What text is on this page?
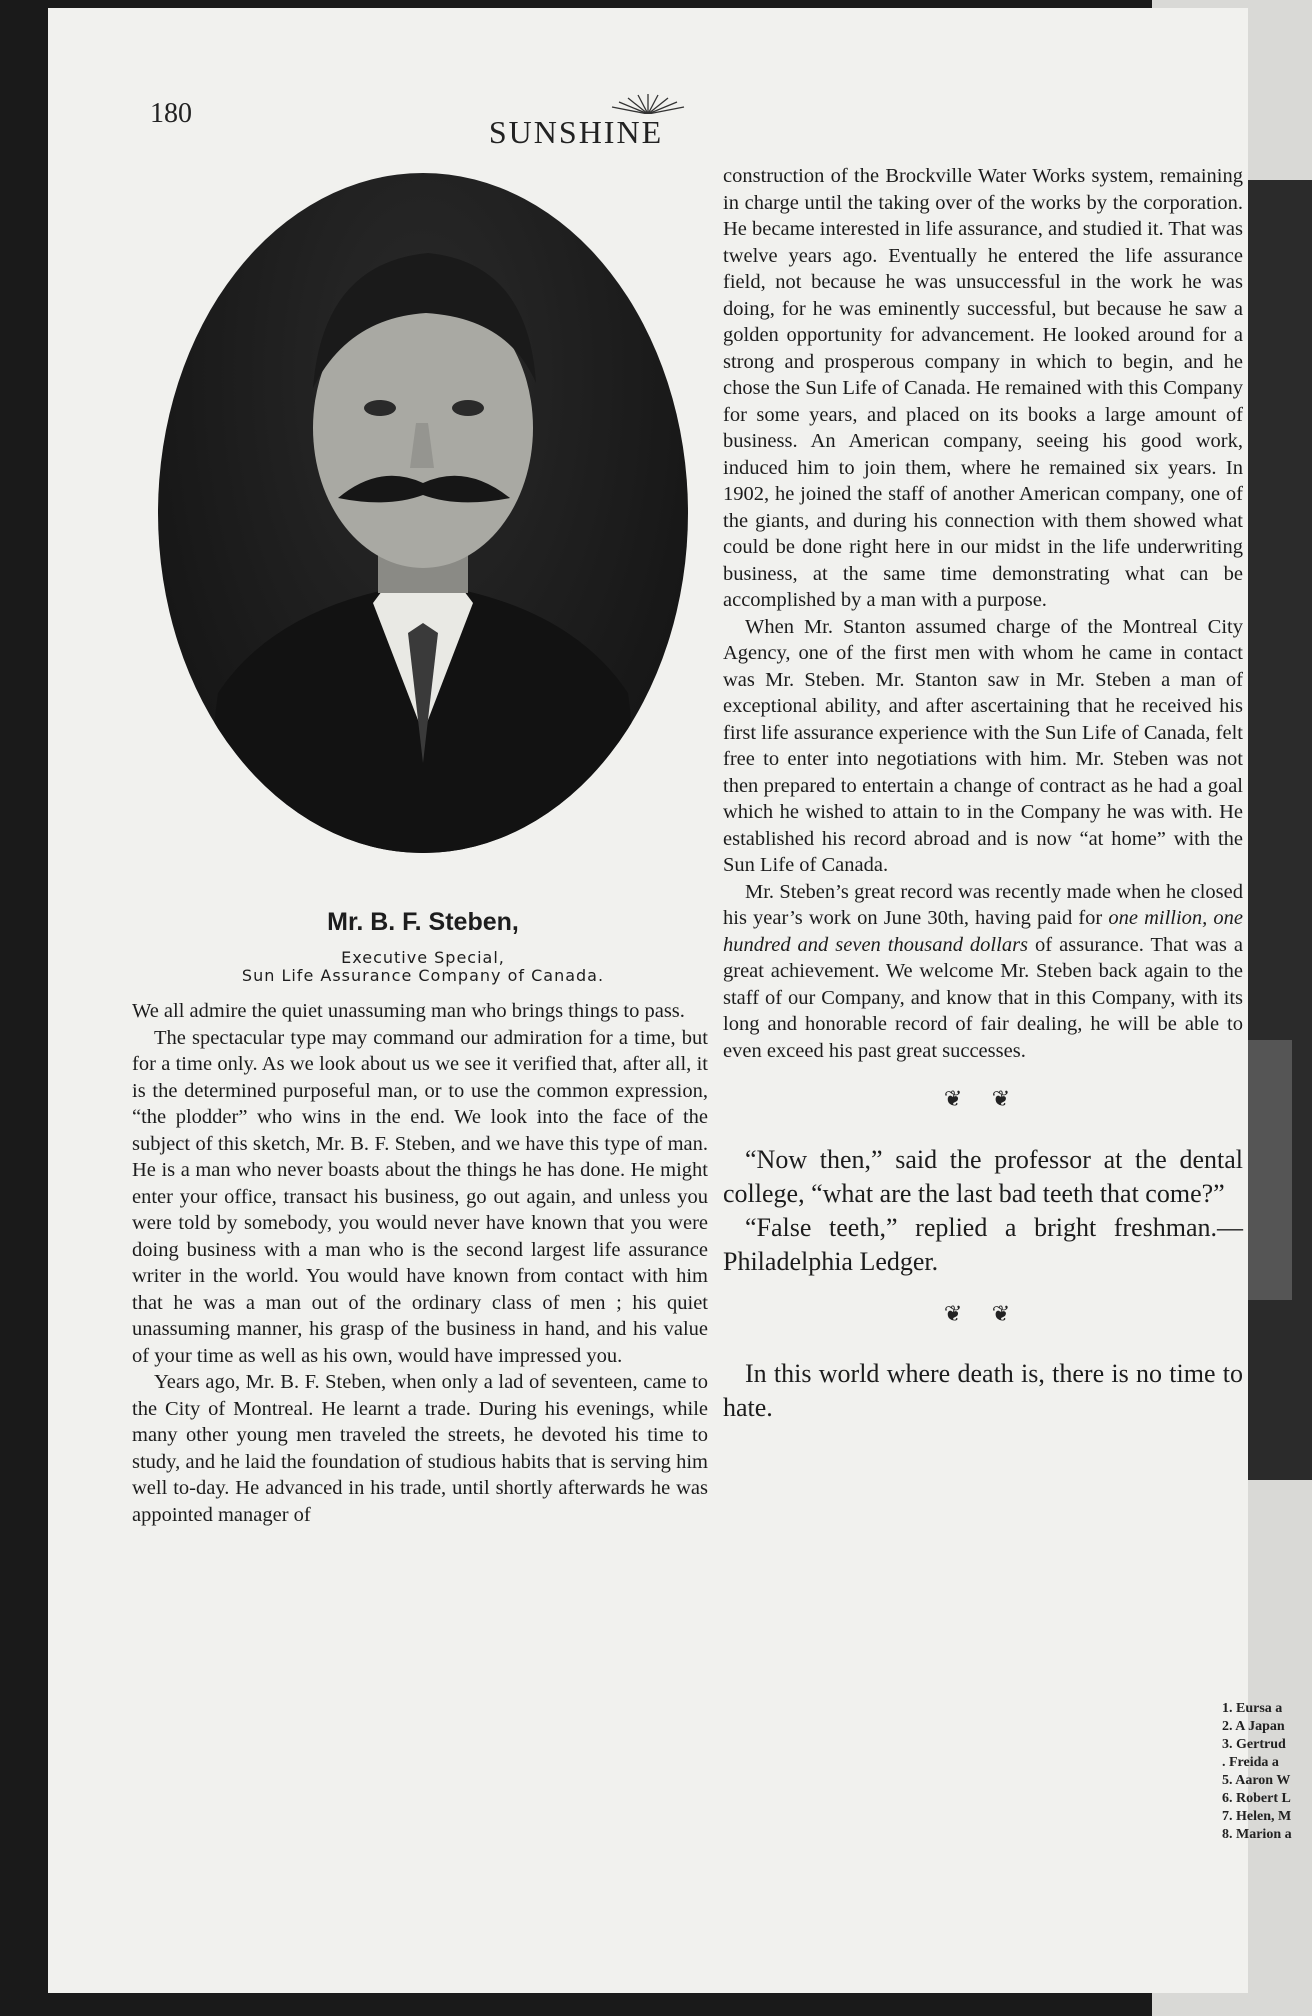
180
SUNSHINE
Mr. B. F. Steben,
Executive Special,
Sun Life Assurance Company of Canada.

We all admire the quiet unassuming man who brings things to pass.

The spectacular type may command our admiration for a time, but for a time only. As we look about us we see it verified that, after all, it is the determined purposeful man, or to use the common expression, “the plodder” who wins in the end. We look into the face of the subject of this sketch, Mr. B. F. Steben, and we have this type of man. He is a man who never boasts about the things he has done. He might enter your office, transact his business, go out again, and unless you were told by somebody, you would never have known that you were doing business with a man who is the second largest life assurance writer in the world. You would have known from contact with him that he was a man out of the ordinary class of men ; his quiet unassuming manner, his grasp of the business in hand, and his value of your time as well as his own, would have impressed you.

Years ago, Mr. B. F. Steben, when only a lad of seventeen, came to the City of Montreal. He learnt a trade. During his evenings, while many other young men traveled the streets, he devoted his time to study, and he laid the foundation of studious habits that is serving him well to-day. He advanced in his trade, until shortly afterwards he was appointed manager of

construction of the Brockville Water Works system, remaining in charge until the taking over of the works by the corporation. He became interested in life assurance, and studied it. That was twelve years ago. Eventually he entered the life assurance field, not because he was unsuccessful in the work he was doing, for he was eminently successful, but because he saw a golden opportunity for advancement. He looked around for a strong and prosperous company in which to begin, and he chose the Sun Life of Canada. He remained with this Company for some years, and placed on its books a large amount of business. An American company, seeing his good work, induced him to join them, where he remained six years. In 1902, he joined the staff of another American company, one of the giants, and during his connection with them showed what could be done right here in our midst in the life underwriting business, at the same time demonstrating what can be accomplished by a man with a purpose.

When Mr. Stanton assumed charge of the Montreal City Agency, one of the first men with whom he came in contact was Mr. Steben. Mr. Stanton saw in Mr. Steben a man of exceptional ability, and after ascertaining that he received his first life assurance experience with the Sun Life of Canada, felt free to enter into negotiations with him. Mr. Steben was not then prepared to entertain a change of contract as he had a goal which he wished to attain to in the Company he was with. He established his record abroad and is now “at home” with the Sun Life of Canada.

Mr. Steben’s great record was recently made when he closed his year’s work on June 30th, having paid for one million, one hundred and seven thousand dollars of assurance. That was a great achievement. We welcome Mr. Steben back again to the staff of our Company, and know that in this Company, with its long and honorable record of fair dealing, he will be able to even exceed his past great successes.

❦ ❦

“Now then,” said the professor at the dental college, “what are the last bad teeth that come?”

“False teeth,” replied a bright freshman.—Philadelphia Ledger.

❦ ❦

In this world where death is, there is no time to hate.

1. Eursa a
2. A Japan
3. Gertrud
. Freida a
5. Aaron W
6. Robert L
7. Helen, M
8. Marion a
